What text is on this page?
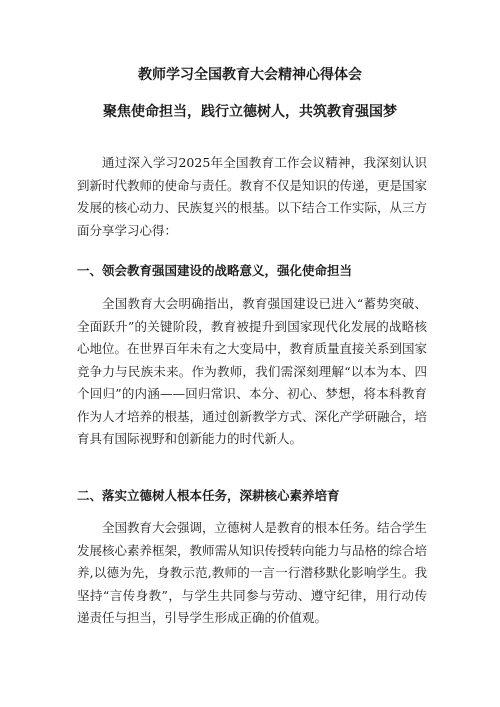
教师学习全国教育大会精神心得体会
聚焦使命担当，践行立德树人，共筑教育强国梦

通过深入学习2025年全国教育工作会议精神，我深刻认识到新时代教师的使命与责任。教育不仅是知识的传递，更是国家发展的核心动力、民族复兴的根基。以下结合工作实际，从三方面分享学习心得：

一、领会教育强国建设的战略意义，强化使命担当

全国教育大会明确指出，教育强国建设已进入“蓄势突破、全面跃升”的关键阶段，教育被提升到国家现代化发展的战略核心地位。在世界百年未有之大变局中，教育质量直接关系到国家竞争力与民族未来。作为教师，我们需深刻理解“以本为本、四个回归”的内涵——回归常识、本分、初心、梦想，将本科教育作为人才培养的根基，通过创新教学方式、深化产学研融合，培育具有国际视野和创新能力的时代新人。

二、落实立德树人根本任务，深耕核心素养培育

全国教育大会强调，立德树人是教育的根本任务。结合学生发展核心素养框架，教师需从知识传授转向能力与品格的综合培养,以德为先，身教示范,教师的一言一行潜移默化影响学生。我坚持“言传身教”，与学生共同参与劳动、遵守纪律，用行动传递责任与担当，引导学生形成正确的价值观。
